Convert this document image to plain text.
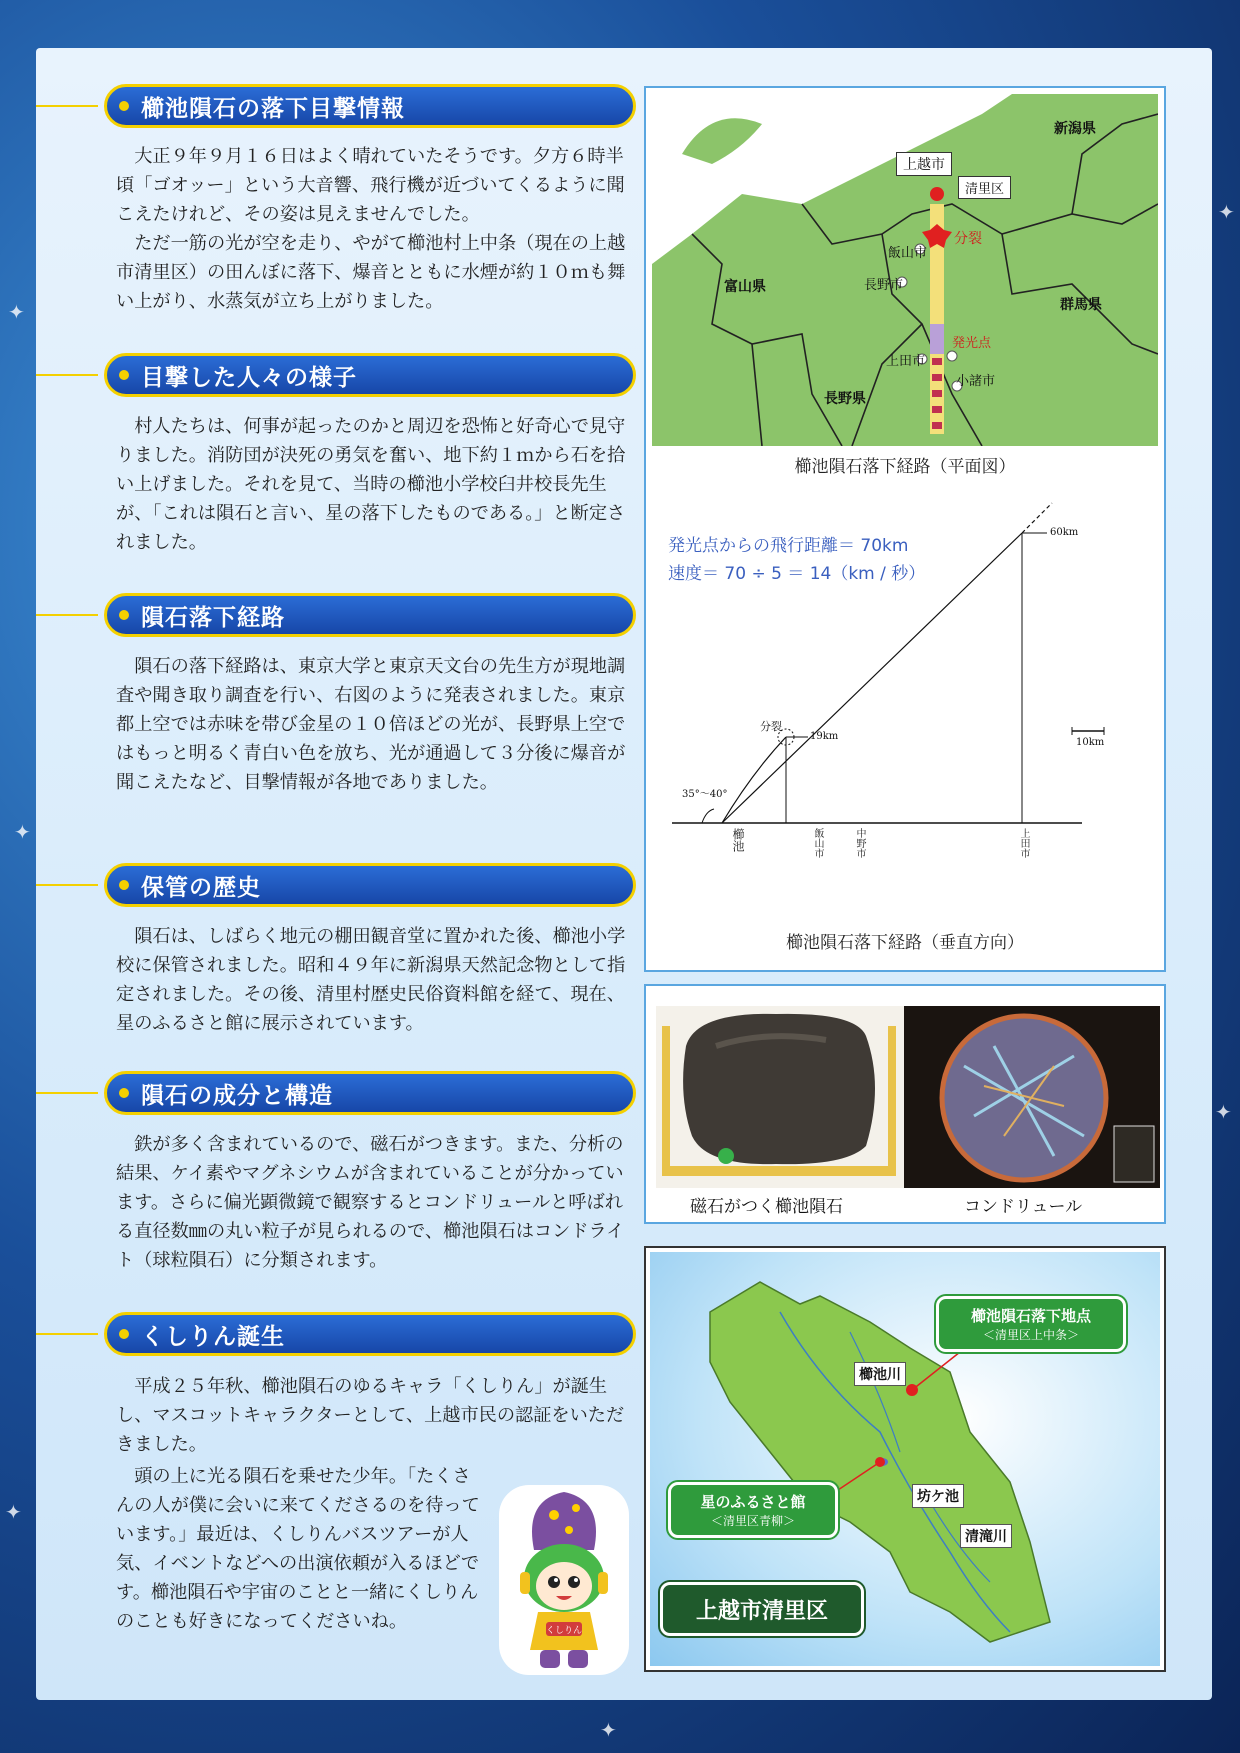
✦
✦
✦
✦
✦
✦
櫛池隕石の落下目撃情報

大正９年９月１６日はよく晴れていたそうです。夕方６時半頃「ゴオッー」という大音響、飛行機が近づいてくるように聞こえたけれど、その姿は見えませんでした。

ただ一筋の光が空を走り、やがて櫛池村上中条（現在の上越市清里区）の田んぼに落下、爆音とともに水煙が約１０ｍも舞い上がり、水蒸気が立ち上がりました。

目撃した人々の様子

村人たちは、何事が起ったのかと周辺を恐怖と好奇心で見守りました。消防団が決死の勇気を奮い、地下約１ｍから石を拾い上げました。それを見て、当時の櫛池小学校臼井校長先生が、「これは隕石と言い、星の落下したものである。」と断定されました。

隕石落下経路

隕石の落下経路は、東京大学と東京天文台の先生方が現地調査や聞き取り調査を行い、右図のように発表されました。東京都上空では赤味を帯び金星の１０倍ほどの光が、長野県上空ではもっと明るく青白い色を放ち、光が通過して３分後に爆音が聞こえたなど、目撃情報が各地でありました。

保管の歴史

隕石は、しばらく地元の棚田観音堂に置かれた後、櫛池小学校に保管されました。昭和４９年に新潟県天然記念物として指定されました。その後、清里村歴史民俗資料館を経て、現在、星のふるさと館に展示されています。

隕石の成分と構造

鉄が多く含まれているので、磁石がつきます。また、分析の結果、ケイ素やマグネシウムが含まれていることが分かっています。さらに偏光顕微鏡で観察するとコンドリュールと呼ばれる直径数㎜の丸い粒子が見られるので、櫛池隕石はコンドライト（球粒隕石）に分類されます。

くしりん誕生

平成２５年秋、櫛池隕石のゆるキャラ「くしりん」が誕生し、マスコットキャラクターとして、上越市民の認証をいただきました。

頭の上に光る隕石を乗せた少年。「たくさんの人が僕に会いに来てくださるのを待っています。」最近は、くしりんバスツアーが人気、イベントなどへの出演依頼が入るほどです。櫛池隕石や宇宙のことと一緒にくしりんのことも好きになってくださいね。	くしりん
新潟県
上越市
清里区
分裂
飯山市
長野市
富山県
群馬県
発光点
上田市
小諸市
長野県
櫛池隕石落下経路（平面図）
発光点からの飛行距離＝ 70km
速度＝ 70 ÷ 5 ＝ 14（km / 秒）
60km
19km
分裂
10km
35°～40°
櫛池	飯山市	中野市	上田市
櫛池隕石落下経路（垂直方向）
磁石がつく櫛池隕石	コンドリュール
櫛池隕石落下地点
＜清里区上中条＞
星のふるさと館
＜清里区青柳＞
櫛池川
坊ケ池
清滝川
上越市清里区
